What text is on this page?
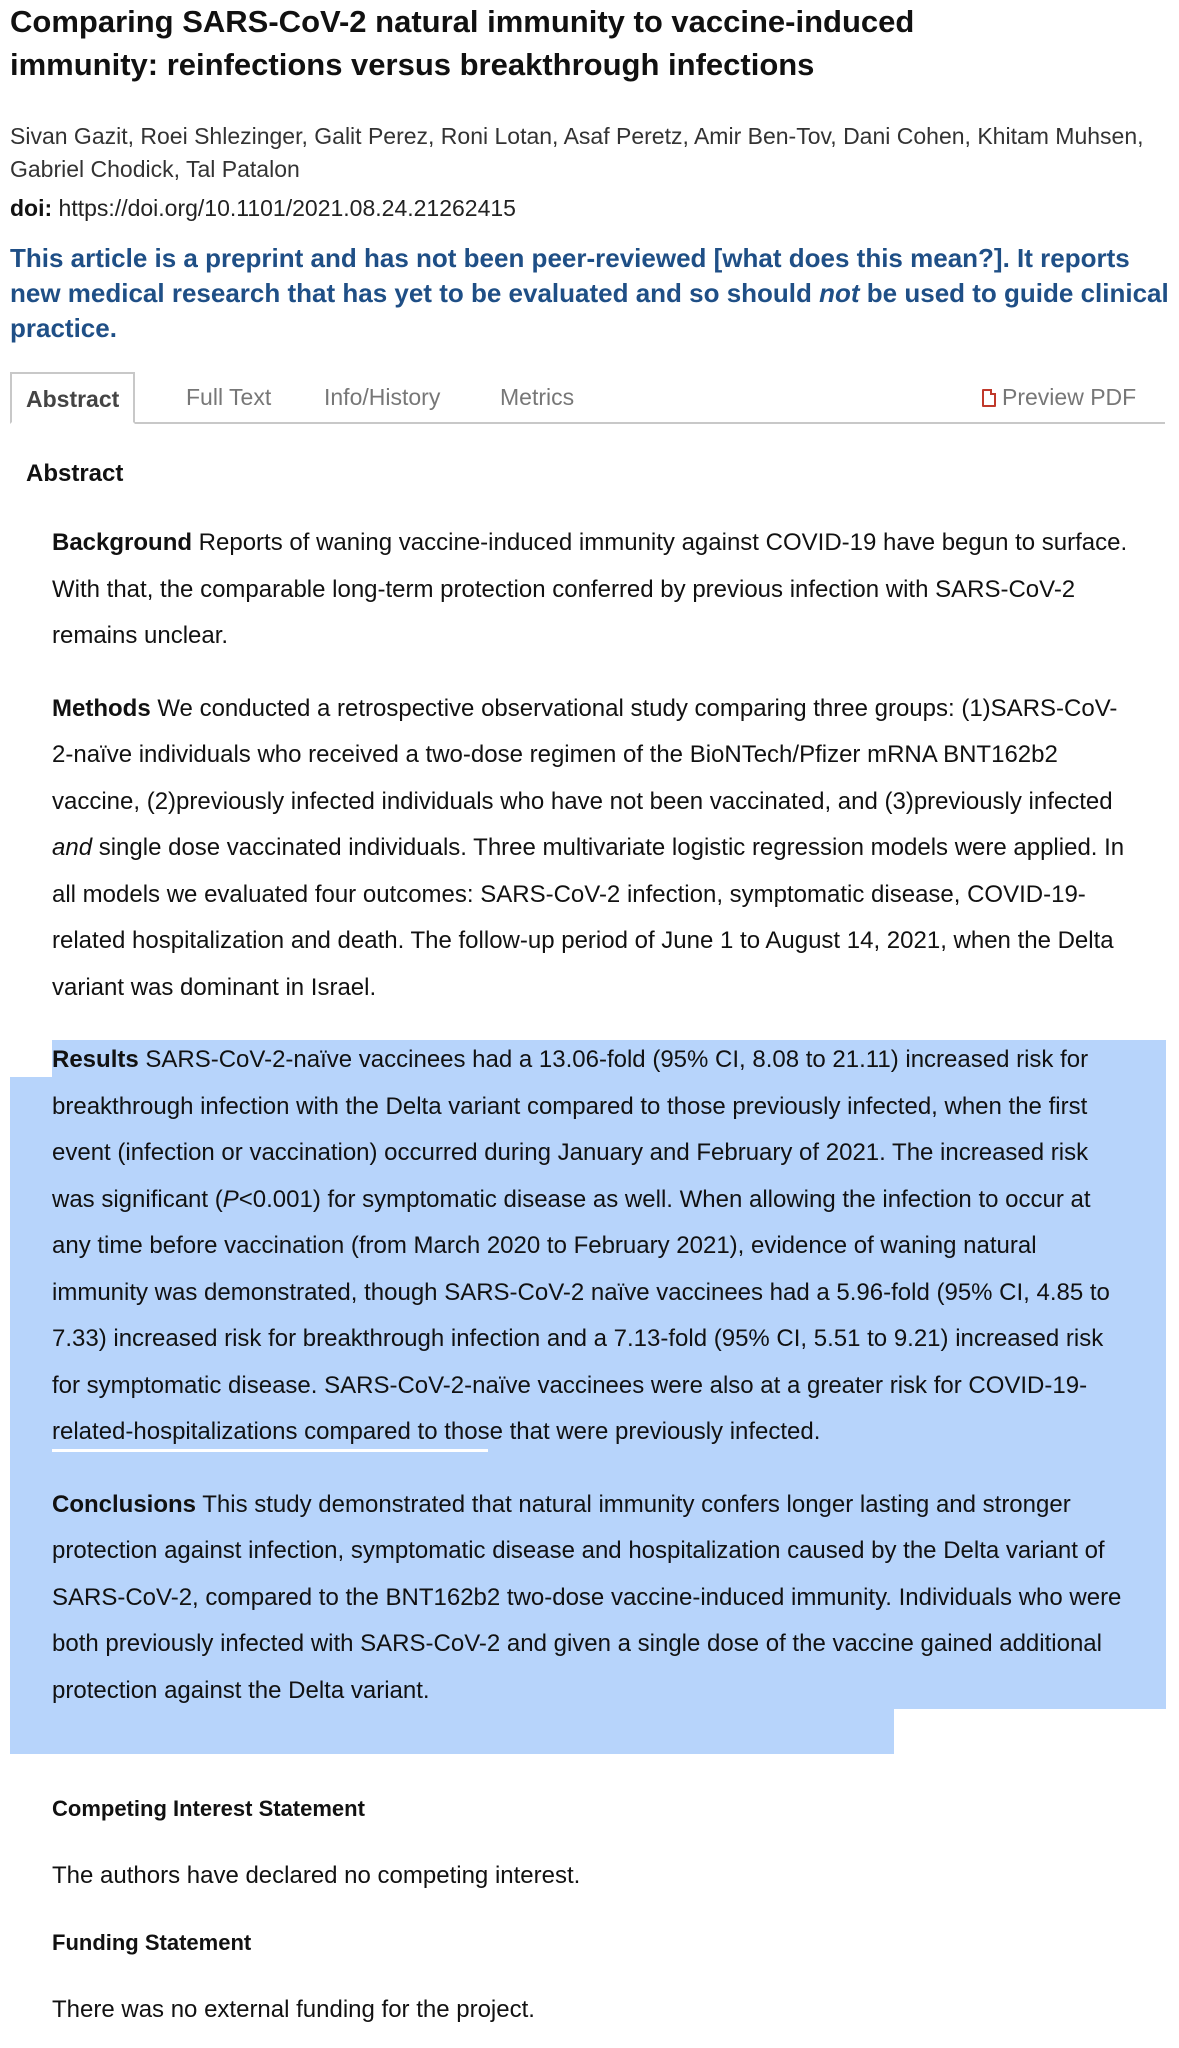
Comparing SARS-CoV-2 natural immunity to vaccine-induced immunity: reinfections versus breakthrough infections
Sivan Gazit, Roei Shlezinger, Galit Perez, Roni Lotan, Asaf Peretz, Amir Ben-Tov, Dani Cohen, Khitam Muhsen, Gabriel Chodick, Tal Patalon
doi: https://doi.org/10.1101/2021.08.24.21262415
This article is a preprint and has not been peer-reviewed [what does this mean?]. It reports new medical research that has yet to be evaluated and so should not be used to guide clinical practice.
Abstract	Full Text Info/History	Metrics	Preview PDF
Abstract

Background Reports of waning vaccine-induced immunity against COVID-19 have begun to surface. With that, the comparable long-term protection conferred by previous infection with SARS-CoV-2 remains unclear.

Methods We conducted a retrospective observational study comparing three groups: (1)SARS-CoV-2-naïve individuals who received a two-dose regimen of the BioNTech/Pfizer mRNA BNT162b2 vaccine, (2)previously infected individuals who have not been vaccinated, and (3)previously infected and single dose vaccinated individuals. Three multivariate logistic regression models were applied. In all models we evaluated four outcomes: SARS-CoV-2 infection, symptomatic disease, COVID-19-related hospitalization and death. The follow-up period of June 1 to August 14, 2021, when the Delta variant was dominant in Israel.

Results SARS-CoV-2-naïve vaccinees had a 13.06-fold (95% CI, 8.08 to 21.11) increased risk for breakthrough infection with the Delta variant compared to those previously infected, when the first event (infection or vaccination) occurred during January and February of 2021. The increased risk was significant (P<0.001) for symptomatic disease as well. When allowing the infection to occur at any time before vaccination (from March 2020 to February 2021), evidence of waning natural immunity was demonstrated, though SARS-CoV-2 naïve vaccinees had a 5.96-fold (95% CI, 4.85 to 7.33) increased risk for breakthrough infection and a 7.13-fold (95% CI, 5.51 to 9.21) increased risk for symptomatic disease. SARS-CoV-2-naïve vaccinees were also at a greater risk for COVID-19-related-hospitalizations compared to those that were previously infected.

Conclusions This study demonstrated that natural immunity confers longer lasting and stronger protection against infection, symptomatic disease and hospitalization caused by the Delta variant of SARS-CoV-2, compared to the BNT162b2 two-dose vaccine-induced immunity. Individuals who were both previously infected with SARS-CoV-2 and given a single dose of the vaccine gained additional protection against the Delta variant.

Competing Interest Statement
The authors have declared no competing interest.
Funding Statement
There was no external funding for the project.
